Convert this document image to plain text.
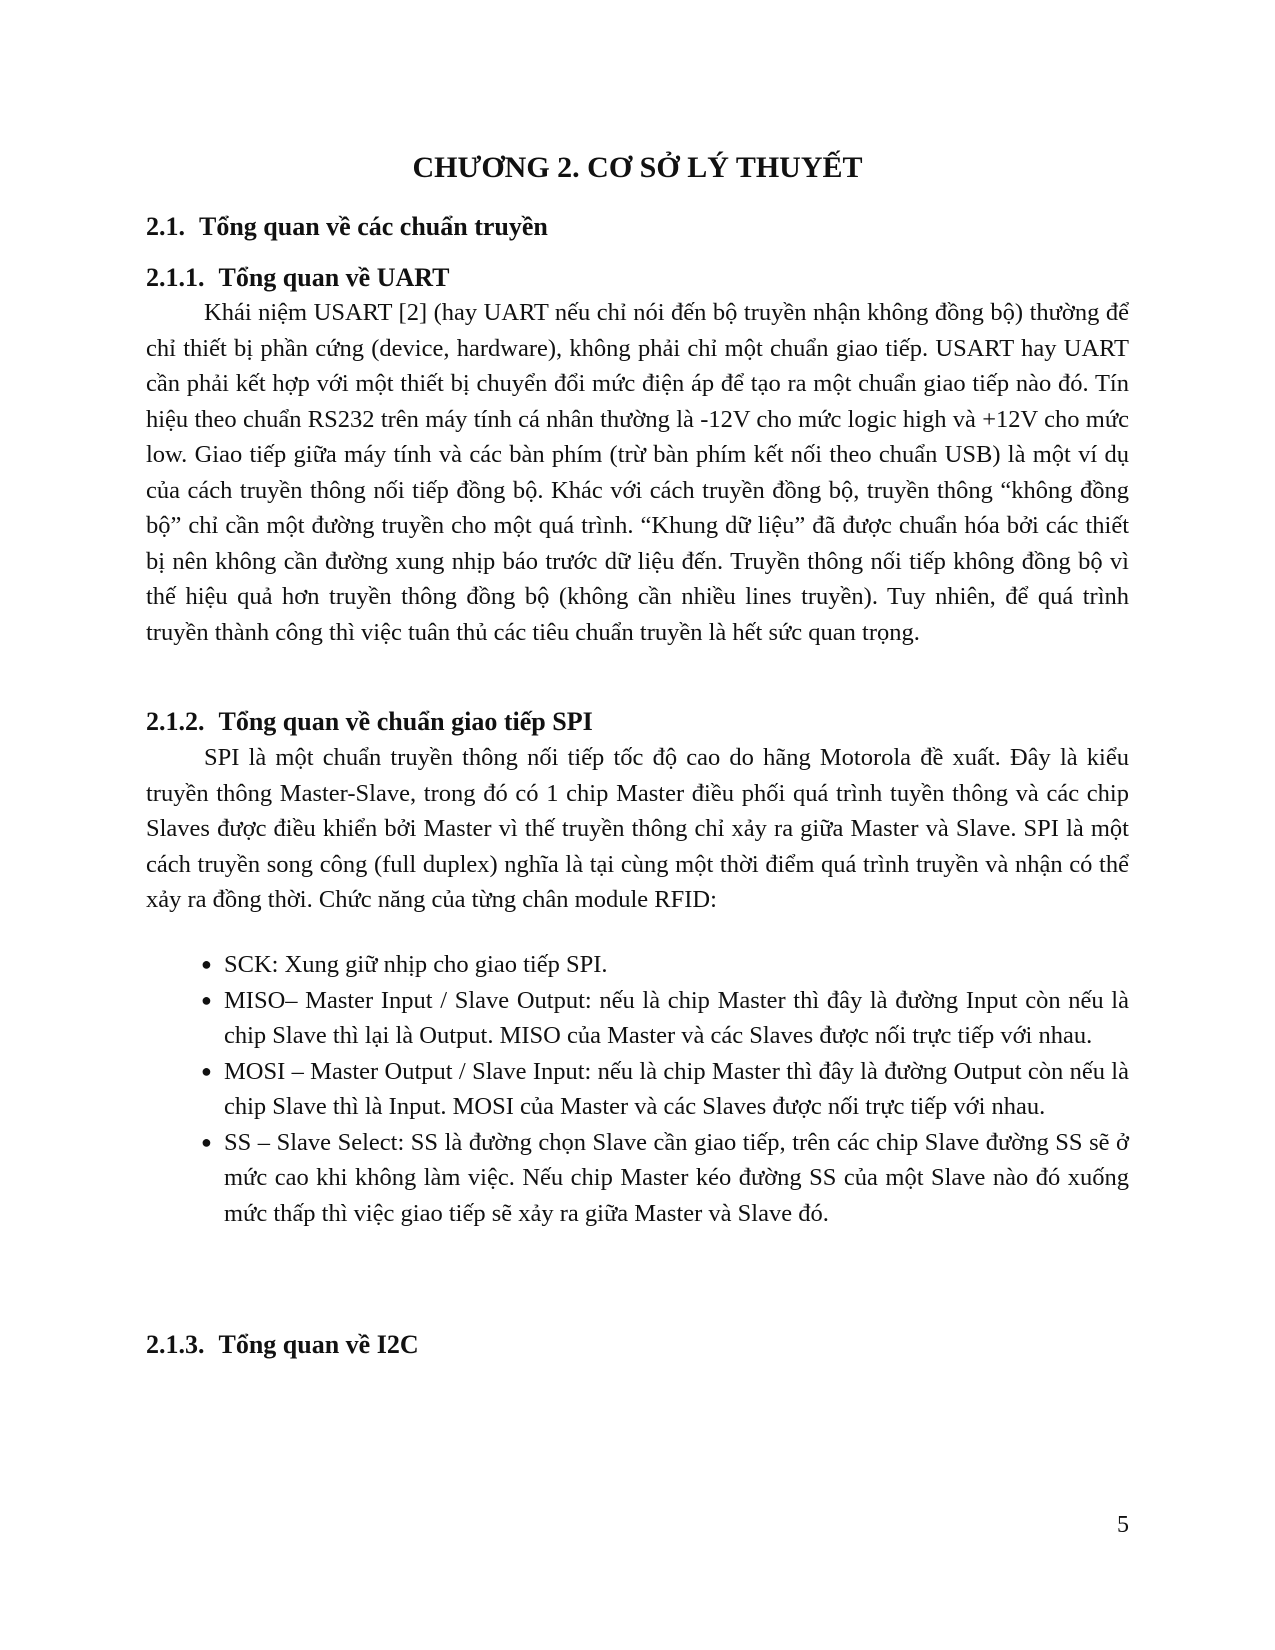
CHƯƠNG 2. CƠ SỞ LÝ THUYẾT
2.1. Tổng quan về các chuẩn truyền
2.1.1. Tổng quan về UART

Khái niệm USART [2] (hay UART nếu chỉ nói đến bộ truyền nhận không đồng bộ) thường để chỉ thiết bị phần cứng (device, hardware), không phải chỉ một chuẩn giao tiếp. USART hay UART cần phải kết hợp với một thiết bị chuyển đổi mức điện áp để tạo ra một chuẩn giao tiếp nào đó. Tín hiệu theo chuẩn RS232 trên máy tính cá nhân thường là -12V cho mức logic high và +12V cho mức low. Giao tiếp giữa máy tính và các bàn phím (trừ bàn phím kết nối theo chuẩn USB) là một ví dụ của cách truyền thông nối tiếp đồng bộ. Khác với cách truyền đồng bộ, truyền thông “không đồng bộ” chỉ cần một đường truyền cho một quá trình. “Khung dữ liệu” đã được chuẩn hóa bởi các thiết bị nên không cần đường xung nhịp báo trước dữ liệu đến. Truyền thông nối tiếp không đồng bộ vì thế hiệu quả hơn truyền thông đồng bộ (không cần nhiều lines truyền). Tuy nhiên, để quá trình truyền thành công thì việc tuân thủ các tiêu chuẩn truyền là hết sức quan trọng.

2.1.2. Tổng quan về chuẩn giao tiếp SPI

SPI là một chuẩn truyền thông nối tiếp tốc độ cao do hãng Motorola đề xuất. Đây là kiểu truyền thông Master-Slave, trong đó có 1 chip Master điều phối quá trình tuyền thông và các chip Slaves được điều khiển bởi Master vì thế truyền thông chỉ xảy ra giữa Master và Slave. SPI là một cách truyền song công (full duplex) nghĩa là tại cùng một thời điểm quá trình truyền và nhận có thể xảy ra đồng thời. Chức năng của từng chân module RFID:

● SCK: Xung giữ nhịp cho giao tiếp SPI.
● MISO– Master Input / Slave Output: nếu là chip Master thì đây là đường Input còn nếu là chip Slave thì lại là Output. MISO của Master và các Slaves được nối trực tiếp với nhau.
● MOSI – Master Output / Slave Input: nếu là chip Master thì đây là đường Output còn nếu là chip Slave thì là Input. MOSI của Master và các Slaves được nối trực tiếp với nhau.
● SS – Slave Select: SS là đường chọn Slave cần giao tiếp, trên các chip Slave đường SS sẽ ở mức cao khi không làm việc. Nếu chip Master kéo đường SS của một Slave nào đó xuống mức thấp thì việc giao tiếp sẽ xảy ra giữa Master và Slave đó.
2.1.3. Tổng quan về I2C
5
